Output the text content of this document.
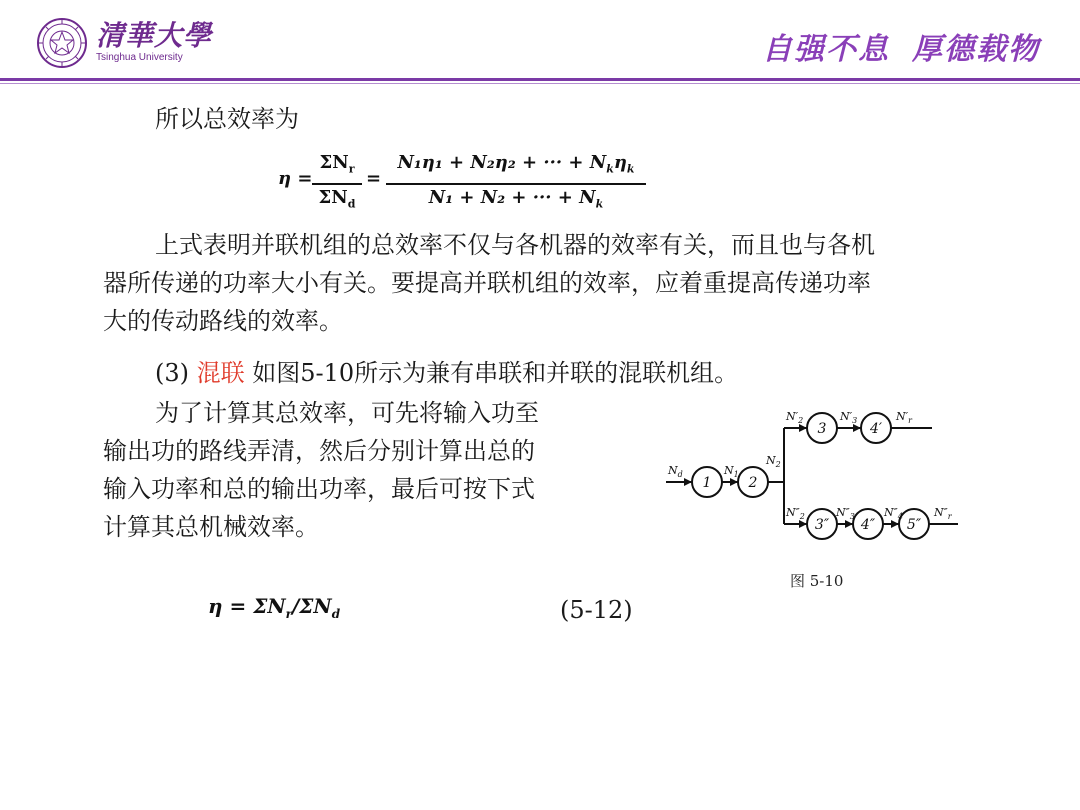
清華大學
Tsinghua University	自强不息 厚德载物
所以总效率为
η =
$\Sigma N_r$
$\Sigma N_d$
=
N₁η₁ + N₂η₂ + ··· + $N_k\eta_k$
N₁ + N₂ + ··· + $N_k$
上式表明并联机组的总效率不仅与各机器的效率有关，而且也与各机
器所传递的功率大小有关。要提高并联机组的效率，应着重提高传递功率
大的传动路线的效率。
(3) 混联 如图5-10所示为兼有串联和并联的混联机组。
为了计算其总效率，可先将输入功至
输出功的路线弄清，然后分别计算出总的
输入功率和总的输出功率，最后可按下式
计算其总机械效率。
$\eta = \Sigma N_r/\Sigma N_d$	(5-12)
1	2
3	4′
3″ 4″ 5″
$N_d$	$N_1$
$N_2$
$N'_2$	$N'_3$	$N'_r$
$N''_2$	$N''_3$	$N''_4$	$N''_r$
图 5-10
